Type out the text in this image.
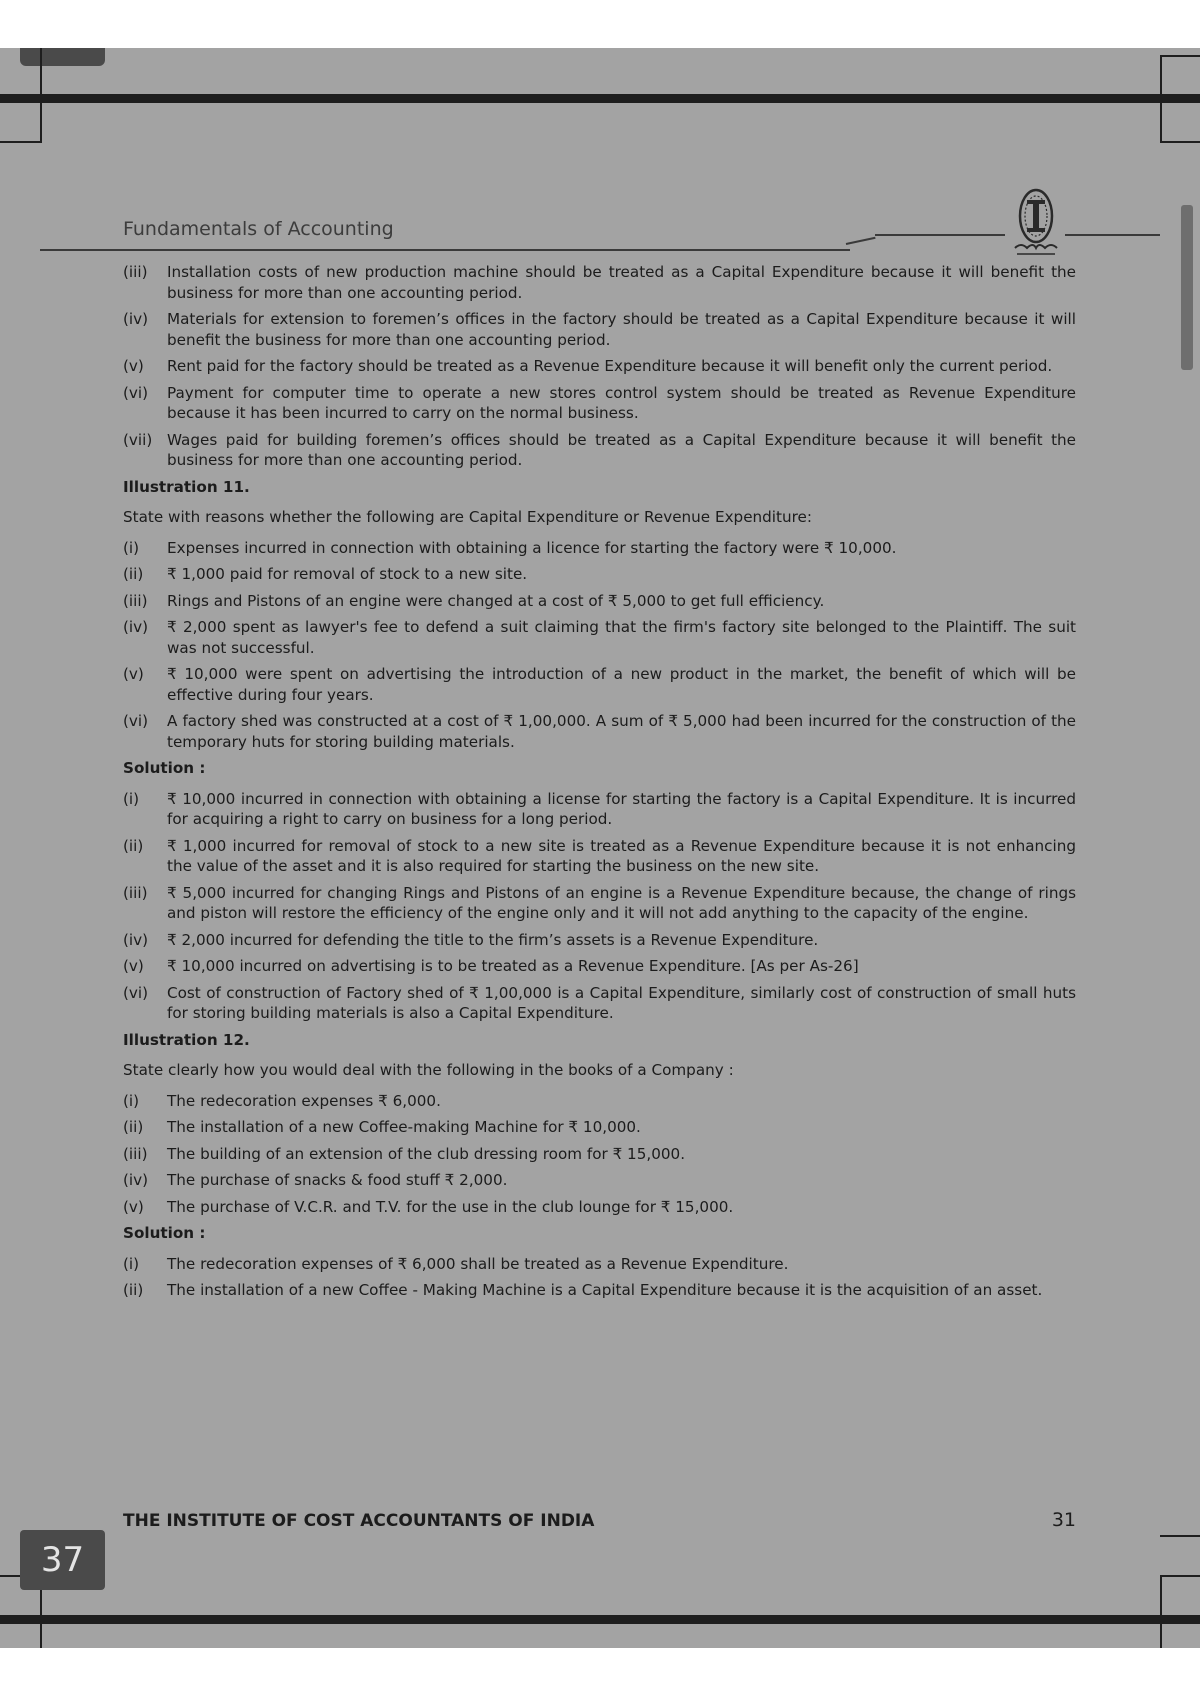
Fundamentals of Accounting
(iii)	Installation costs of new production machine should be treated as a Capital Expenditure because it will benefit the business for more than one accounting period.
(iv)	Materials for extension to foremen’s offices in the factory should be treated as a Capital Expenditure because it will benefit the business for more than one accounting period.
(v)	Rent paid for the factory should be treated as a Revenue Expenditure because it will benefit only the current period.
(vi)	Payment for computer time to operate a new stores control system should be treated as Revenue Expenditure because it has been incurred to carry on the normal business.
(vii) Wages paid for building foremen’s offices should be treated as a Capital Expenditure because it will benefit the business for more than one accounting period.
Illustration 11.
State with reasons whether the following are Capital Expenditure or Revenue Expenditure:
(i)	Expenses incurred in connection with obtaining a licence for starting the factory were ₹ 10,000.
(ii)	₹ 1,000 paid for removal of stock to a new site.
(iii)	Rings and Pistons of an engine were changed at a cost of ₹ 5,000 to get full efficiency.
(iv)	₹ 2,000 spent as lawyer's fee to defend a suit claiming that the firm's factory site belonged to the Plaintiff. The suit was not successful.
(v)	₹ 10,000 were spent on advertising the introduction of a new product in the market, the benefit of which will be effective during four years.
(vi)	A factory shed was constructed at a cost of ₹ 1,00,000. A sum of ₹ 5,000 had been incurred for the construction of the temporary huts for storing building materials.
Solution :
(i)	₹ 10,000 incurred in connection with obtaining a license for starting the factory is a Capital Expenditure. It is incurred for acquiring a right to carry on business for a long period.
(ii)	₹ 1,000 incurred for removal of stock to a new site is treated as a Revenue Expenditure because it is not enhancing the value of the asset and it is also required for starting the business on the new site.
(iii)	₹ 5,000 incurred for changing Rings and Pistons of an engine is a Revenue Expenditure because, the change of rings and piston will restore the efficiency of the engine only and it will not add anything to the capacity of the engine.
(iv)	₹ 2,000 incurred for defending the title to the firm’s assets is a Revenue Expenditure.
(v)	₹ 10,000 incurred on advertising is to be treated as a Revenue Expenditure. [As per As-26]
(vi)	Cost of construction of Factory shed of ₹ 1,00,000 is a Capital Expenditure, similarly cost of construction of small huts for storing building materials is also a Capital Expenditure.
Illustration 12.
State clearly how you would deal with the following in the books of a Company :
(i)	The redecoration expenses ₹ 6,000.
(ii)	The installation of a new Coffee-making Machine for ₹ 10,000.
(iii)	The building of an extension of the club dressing room for ₹ 15,000.
(iv)	The purchase of snacks & food stuff ₹ 2,000.
(v)	The purchase of V.C.R. and T.V. for the use in the club lounge for ₹ 15,000.
Solution :
(i)	The redecoration expenses of ₹ 6,000 shall be treated as a Revenue Expenditure.
(ii)	The installation of a new Coffee - Making Machine is a Capital Expenditure because it is the acquisition of an asset.
THE INSTITUTE OF COST ACCOUNTANTS OF INDIA	31
37
